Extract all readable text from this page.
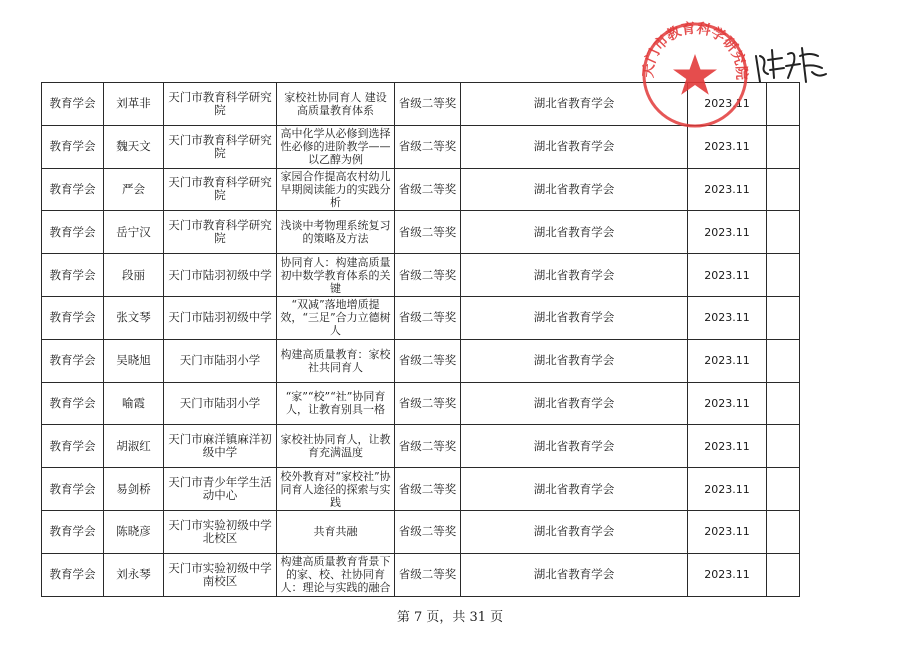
教育学会	刘革非	天门市教育科学研究院	家校社协同育人 建设高质量教育体系	省级二等奖	湖北省教育学会	2023.11	
教育学会	魏天文	天门市教育科学研究院	高中化学从必修到选择性必修的进阶教学——以乙醇为例	省级二等奖	湖北省教育学会	2023.11	
教育学会	严会	天门市教育科学研究院	家园合作提高农村幼儿早期阅读能力的实践分析	省级二等奖	湖北省教育学会	2023.11	
教育学会	岳宁汉	天门市教育科学研究院	浅谈中考物理系统复习的策略及方法	省级二等奖	湖北省教育学会	2023.11	
教育学会	段丽	天门市陆羽初级中学	协同育人：构建高质量初中数学教育体系的关键	省级二等奖	湖北省教育学会	2023.11	
教育学会	张文琴	天门市陆羽初级中学	“双减”落地增质提效，“三足”合力立德树人	省级二等奖	湖北省教育学会	2023.11	
教育学会	吴晓旭	天门市陆羽小学	构建高质量教育：家校社共同育人	省级二等奖	湖北省教育学会	2023.11	
教育学会	喻霞	天门市陆羽小学	“家”“校”“社”协同育人，让教育别具一格	省级二等奖	湖北省教育学会	2023.11	
教育学会	胡淑红	天门市麻洋镇麻洋初级中学	家校社协同育人，让教育充满温度	省级二等奖	湖北省教育学会	2023.11	
教育学会	易剑桥	天门市青少年学生活动中心	校外教育对“家校社”协同育人途径的探索与实践	省级二等奖	湖北省教育学会	2023.11	
教育学会	陈晓彦	天门市实验初级中学北校区	共育共融	省级二等奖	湖北省教育学会	2023.11	
教育学会	刘永琴	天门市实验初级中学南校区	构建高质量教育背景下的家、校、社协同育人：理论与实践的融合	省级二等奖	湖北省教育学会	2023.11	
天门市教育科学研究院
第 7 页，共 31 页
